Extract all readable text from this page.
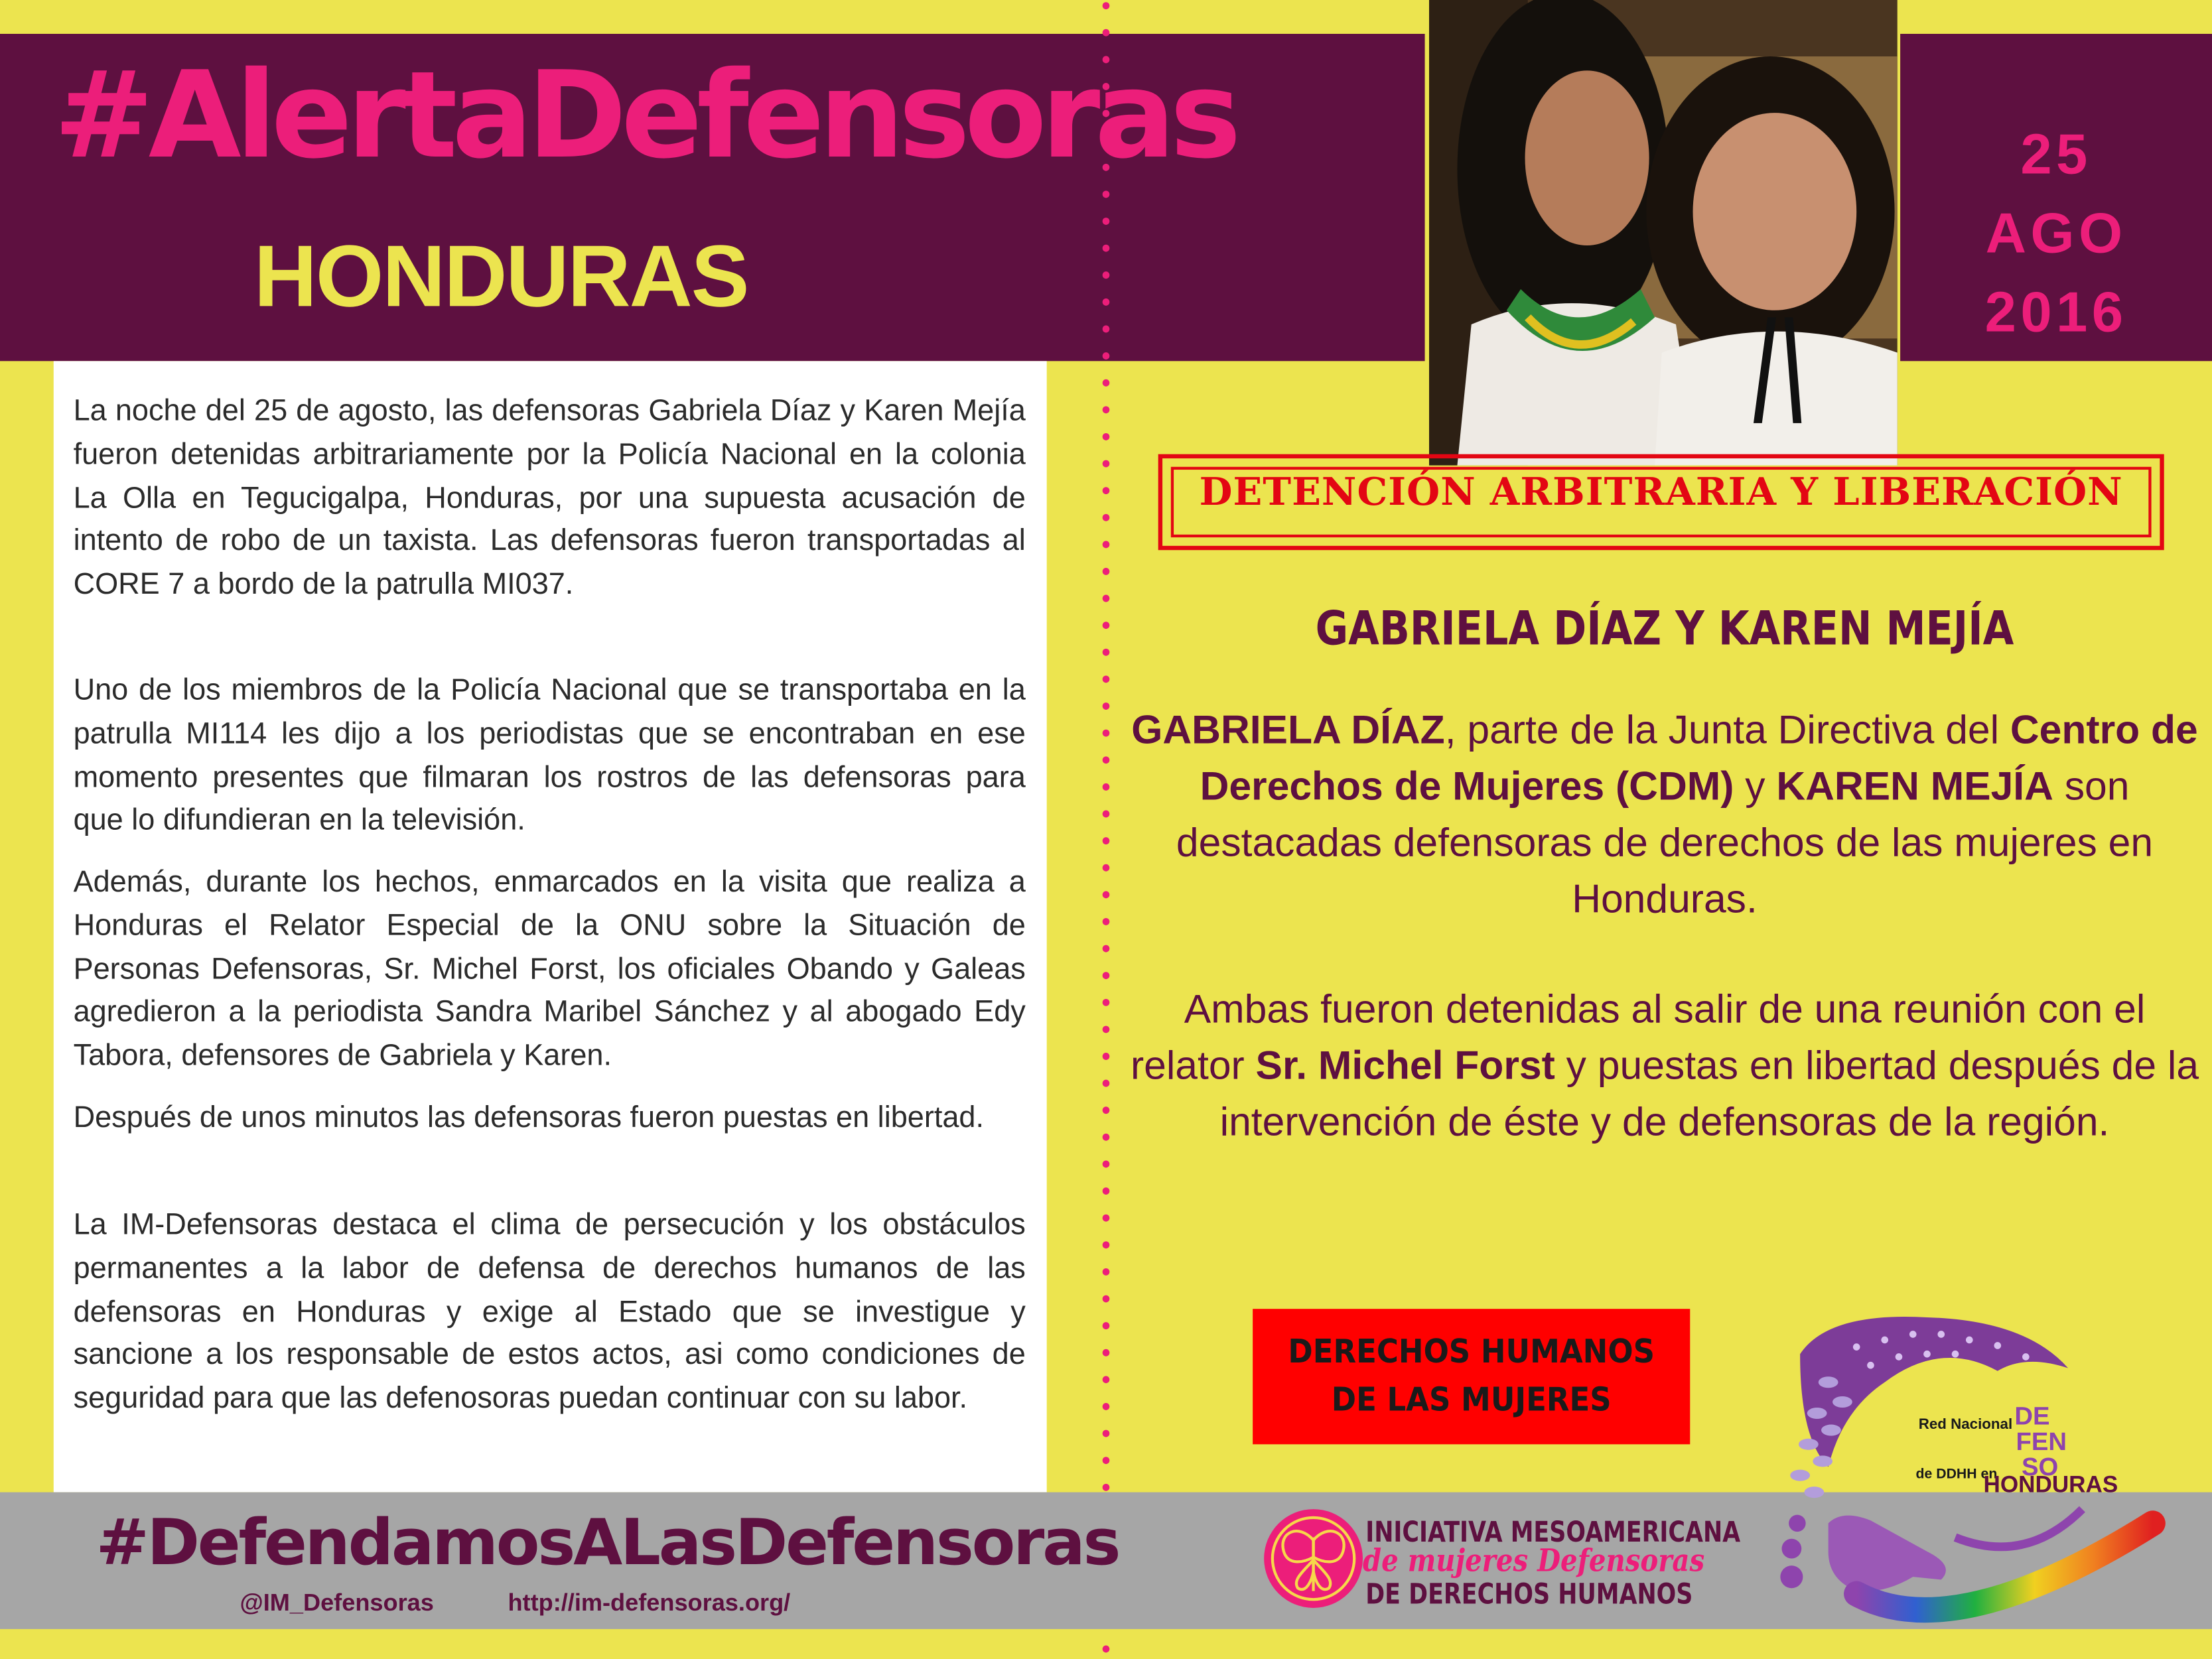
#AlertaDefensoras
HONDURAS
25
AGO
2016

La noche del 25 de agosto, las defensoras Gabriela Díaz y Karen Mejía fueron detenidas arbitrariamente por la Policía Nacional en la colonia La Olla en Tegucigalpa, Honduras, por una supuesta acusación de intento de robo de un taxista. Las defensoras fueron transportadas al CORE 7 a bordo de la patrulla MI037.

Uno de los miembros de la Policía Nacional que se transportaba en la patrulla MI114 les dijo a los periodistas que se encontraban en ese momento presentes que filmaran los rostros de las defensoras para que lo difundieran en la televisión.

Además, durante los hechos, enmarcados en la visita que realiza a Honduras el Relator Especial de la ONU sobre la Situación de Personas Defensoras, Sr. Michel Forst, los oficiales Obando y Galeas agredieron a la periodista Sandra Maribel Sánchez y al abogado Edy Tabora, defensores de Gabriela y Karen.

Después de unos minutos las defensoras fueron puestas en libertad.

La IM-Defensoras destaca el clima de persecución y los obstáculos permanentes a la labor de defensa de derechos humanos de las defensoras en Honduras y exige al Estado que se investigue y sancione a los responsable de estos actos, asi como condiciones de seguridad para que las defenosoras puedan continuar con su labor.

DETENCIÓN ARBITRARIA Y LIBERACIÓN
GABRIELA DÍAZ Y KAREN MEJÍA

GABRIELA DÍAZ, parte de la Junta Directiva del Centro de Derechos de Mujeres (CDM) y KAREN MEJÍA son destacadas defensoras de derechos de las mujeres en Honduras.

Ambas fueron detenidas al salir de una reunión con el relator Sr. Michel Forst y puestas en libertad después de la intervención de éste y de defensoras de la región.

DERECHOS HUMANOS
DE LAS MUJERES
#DefendamosALasDefensoras
@IM_Defensoras	http://im-defensoras.org/
INICIATIVA MESOAMERICANA
de mujeres Defensoras
DE DERECHOS HUMANOS
Red Nacional
de DDHH en
DE
FEN
SO
HONDURAS
